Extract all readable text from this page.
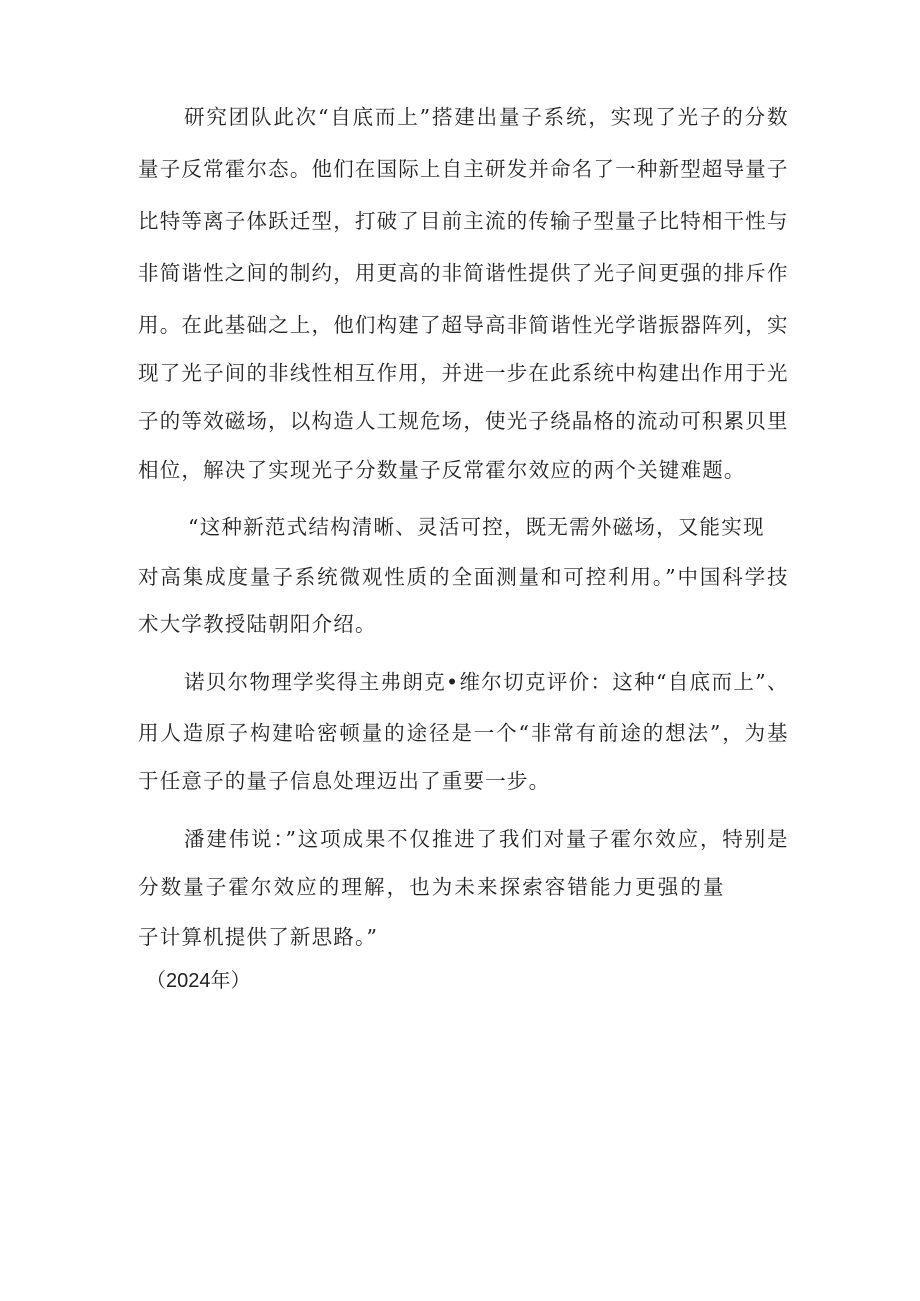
研究团队此次“自底而上”搭建出量子系统，实现了光子的分数
量子反常霍尔态。他们在国际上自主研发并命名了一种新型超导量子
比特等离子体跃迁型，打破了目前主流的传输子型量子比特相干性与
非简谐性之间的制约，用更高的非简谐性提供了光子间更强的排斥作
用。在此基础之上，他们构建了超导高非简谐性光学谐振器阵列，实
现了光子间的非线性相互作用，并进一步在此系统中构建出作用于光
子的等效磁场，以构造人工规危场，使光子绕晶格的流动可积累贝里
相位，解决了实现光子分数量子反常霍尔效应的两个关键难题。
“这种新范式结构清晰、灵活可控，既无需外磁场，又能实现
对高集成度量子系统微观性质的全面测量和可控利用。”中国科学技
术大学教授陆朝阳介绍。
诺贝尔物理学奖得主弗朗克•维尔切克评价：这种“自底而上”、
用人造原子构建哈密顿量的途径是一个“非常有前途的想法”，为基
于任意子的量子信息处理迈出了重要一步。
潘建伟说：”这项成果不仅推进了我们对量子霍尔效应，特别是
分数量子霍尔效应的理解，也为未来探索容错能力更强的量
子计算机提供了新思路。”
（2024年）
